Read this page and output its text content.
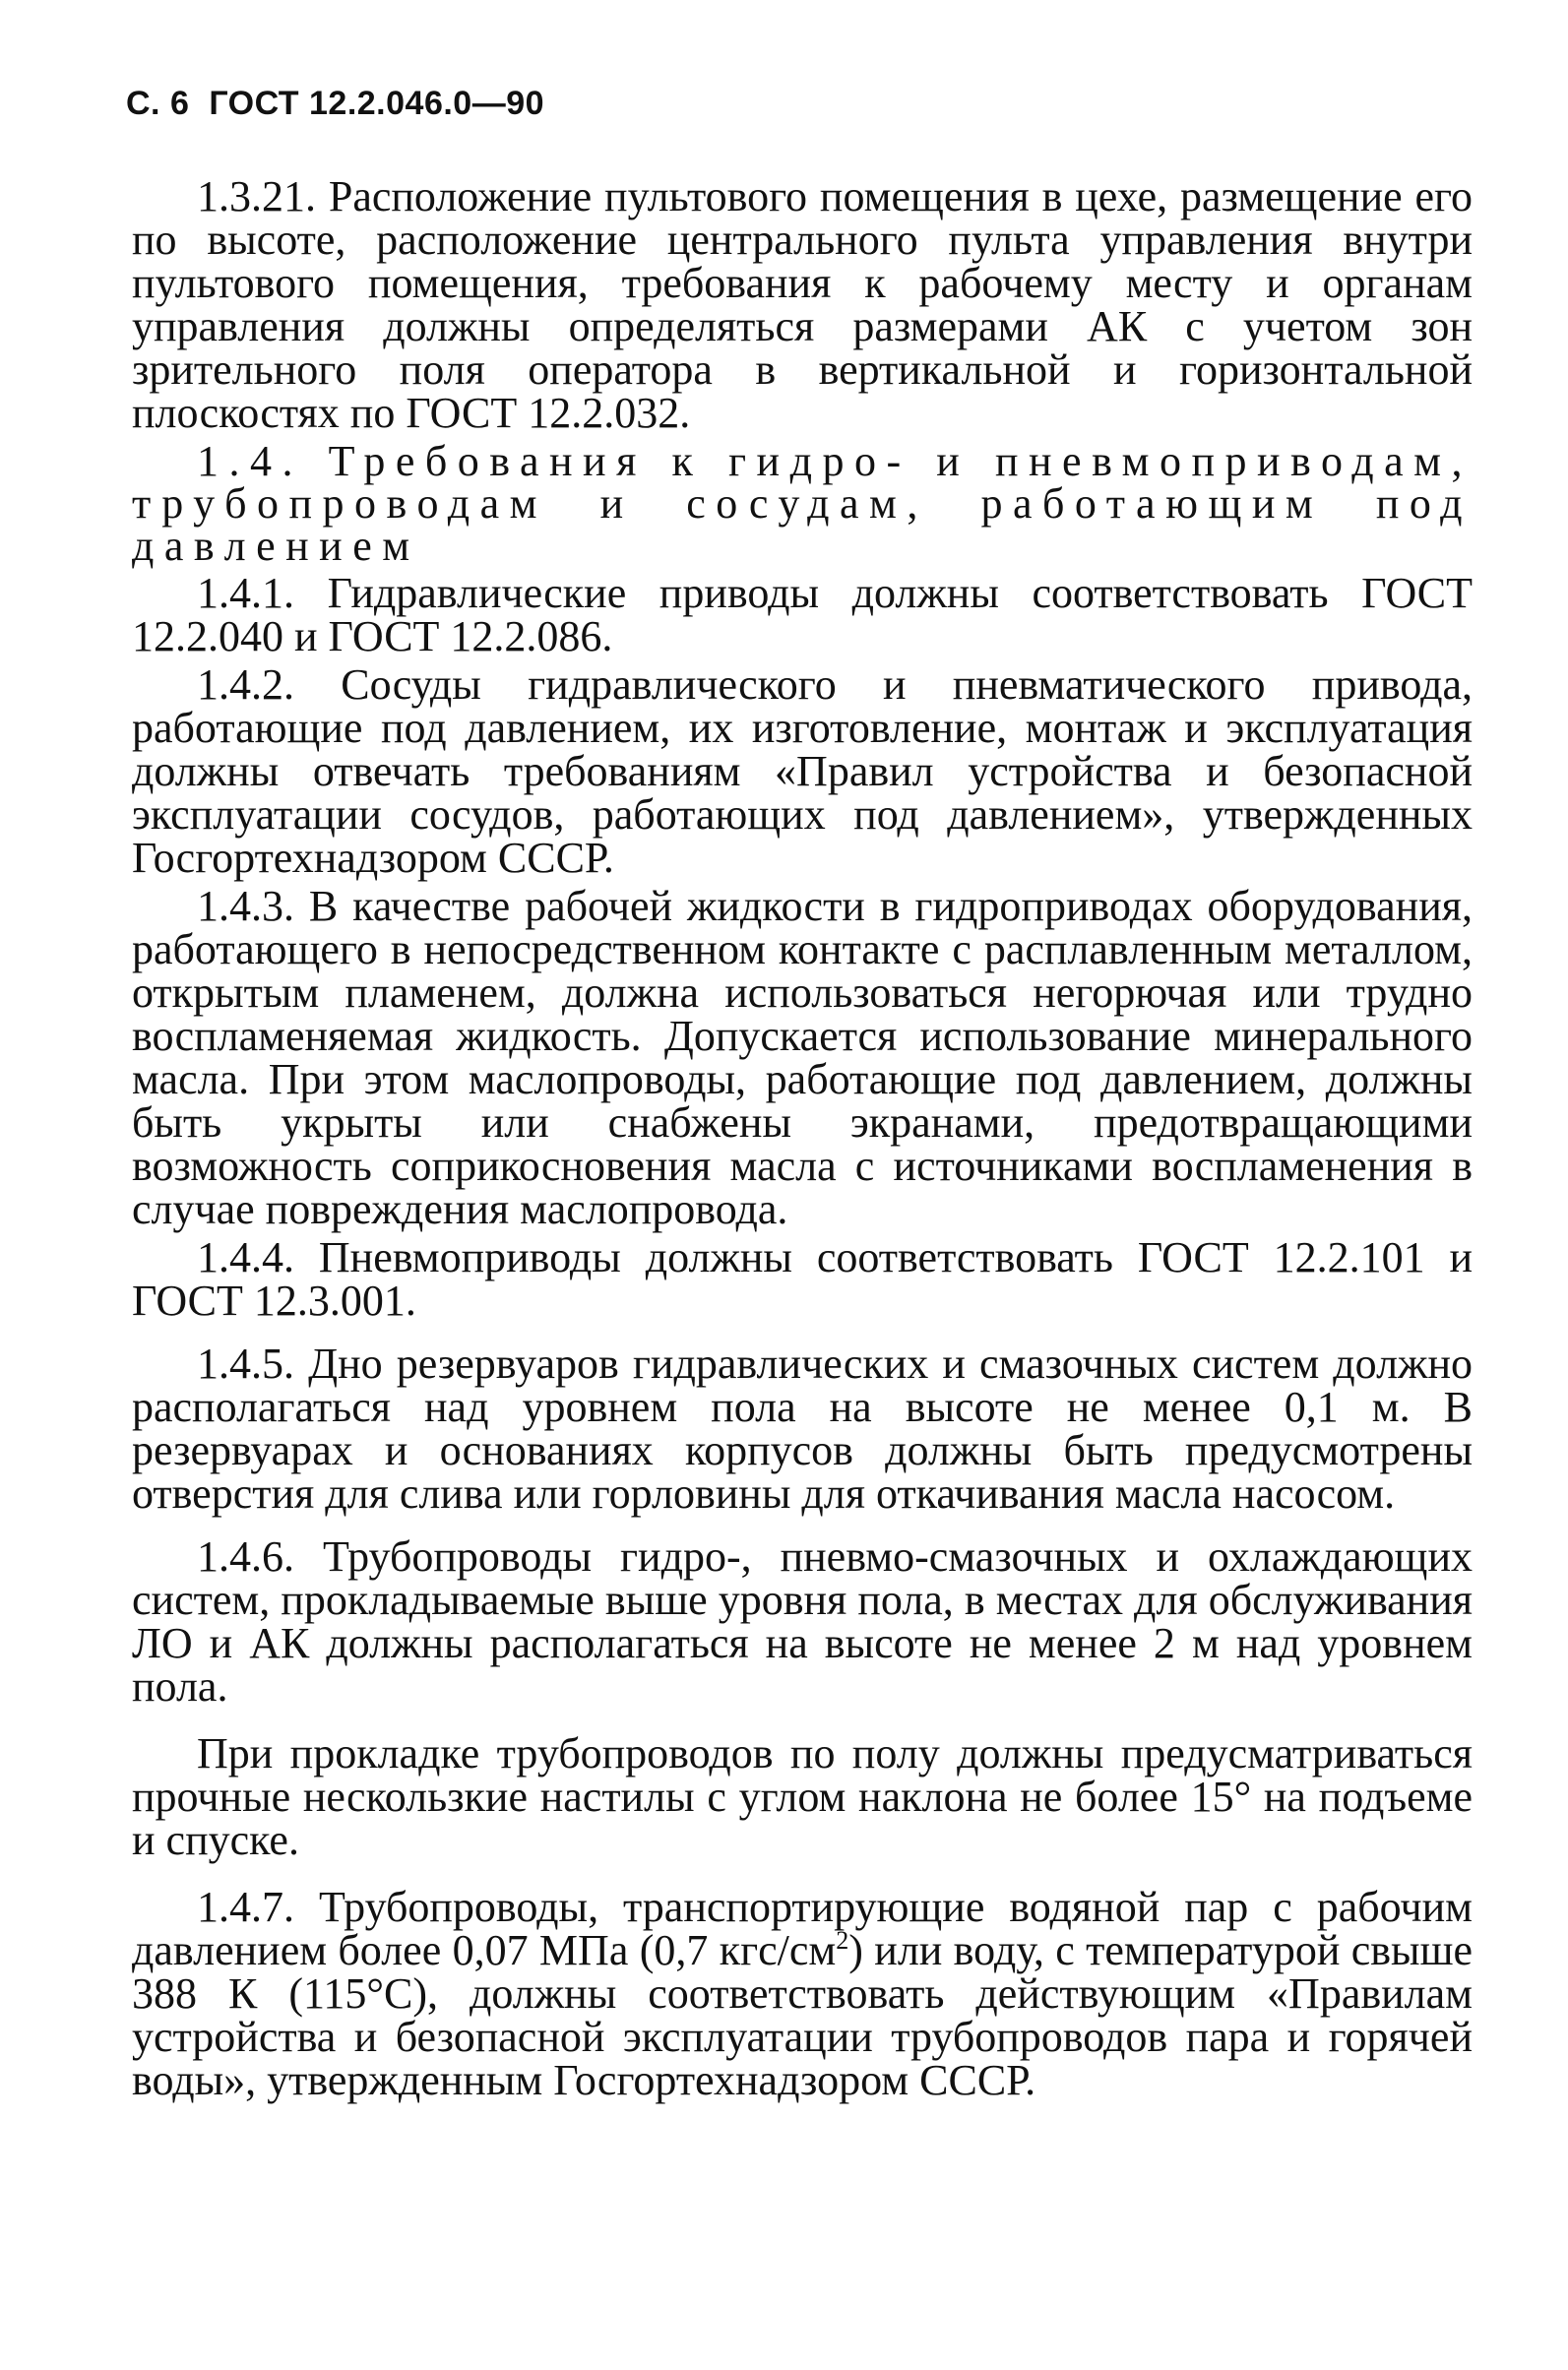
С. 6 ГОСТ 12.2.046.0—90

1.3.21. Расположение пультового помещения в цехе, размещение его по высоте, расположение центрального пульта управления внутри пультового помещения, требования к рабочему месту и органам управления должны определяться размерами АК с учетом зон зрительного поля оператора в вертикальной и горизонтальной плоскостях по ГОСТ 12.2.032.

1.4. Требования к гидро- и пневмоприводам, трубопроводам и сосудам, работающим под давлением

1.4.1. Гидравлические приводы должны соответствовать ГОСТ 12.2.040 и ГОСТ 12.2.086.

1.4.2. Сосуды гидравлического и пневматического привода, работающие под давлением, их изготовление, монтаж и эксплуатация должны отвечать требованиям «Правил устройства и безопасной эксплуатации сосудов, работающих под давлением», утвержденных Госгортехнадзором СССР.

1.4.3. В качестве рабочей жидкости в гидроприводах оборудования, работающего в непосредственном контакте с расплавленным металлом, открытым пламенем, должна использоваться негорючая или трудно воспламеняемая жидкость. Допускается использование минерального масла. При этом маслопроводы, работающие под давлением, должны быть укрыты или снабжены экранами, предотвращающими возможность соприкосновения масла с источниками воспламенения в случае повреждения маслопровода.

1.4.4. Пневмоприводы должны соответствовать ГОСТ 12.2.101 и ГОСТ 12.3.001.

1.4.5. Дно резервуаров гидравлических и смазочных систем должно располагаться над уровнем пола на высоте не менее 0,1 м. В резервуарах и основаниях корпусов должны быть предусмотрены отверстия для слива или горловины для откачивания масла насосом.

1.4.6. Трубопроводы гидро-, пневмо-смазочных и охлаждающих систем, прокладываемые выше уровня пола, в местах для обслуживания ЛО и АК должны располагаться на высоте не менее 2 м над уровнем пола.

При прокладке трубопроводов по полу должны предусматриваться прочные нескользкие настилы с углом наклона не более 15° на подъеме и спуске.

1.4.7. Трубопроводы, транспортирующие водяной пар с рабочим давлением более 0,07 МПа (0,7 кгс/$см^2$) или воду, с температурой свыше 388 К (115°С), должны соответствовать действующим «Правилам устройства и безопасной эксплуатации трубопроводов пара и горячей воды», утвержденным Госгортехнадзором СССР.
